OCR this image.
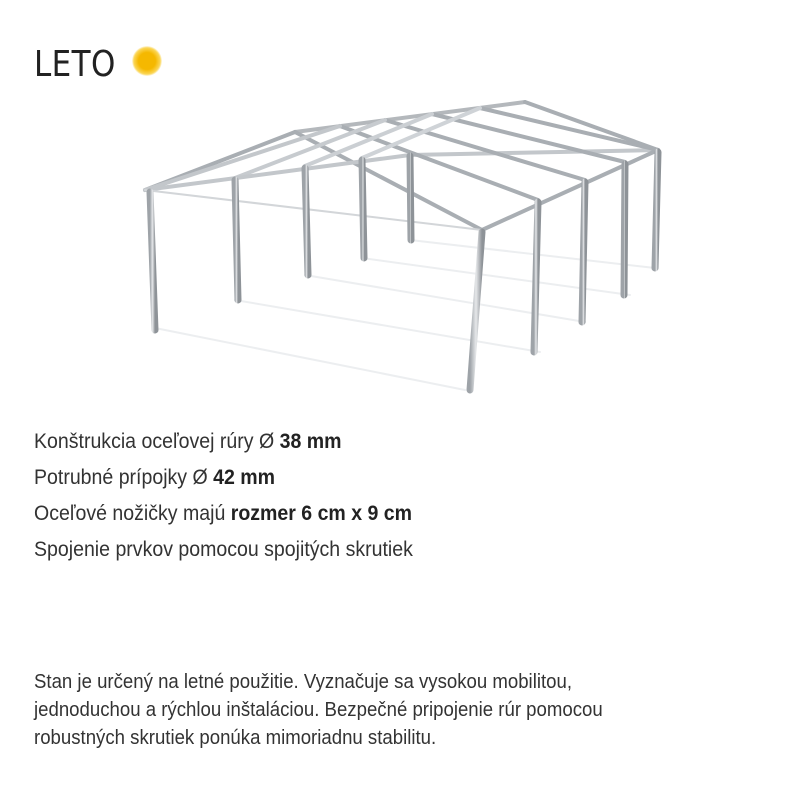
LETO
Konštrukcia oceľovej rúry Ø 38 mm
Potrubné prípojky Ø 42 mm
Oceľové nožičky majú rozmer 6 cm x 9 cm
Spojenie prvkov pomocou spojitých skrutiek

Stan je určený na letné použitie. Vyznačuje sa vysokou mobilitou,
jednoduchou a rýchlou inštaláciou. Bezpečné pripojenie rúr pomocou
robustných skrutiek ponúka mimoriadnu stabilitu.
